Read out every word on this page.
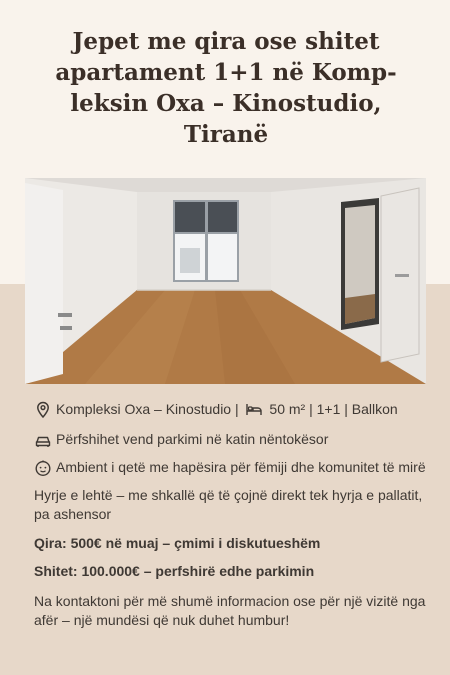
Jepet me qira ose shitet apartament 1+1 në Komp- leksin Oxa – Kinostudio, Tiranë
Kompleksi Oxa – Kinostudio | 50 m² | 1+1 | Ballkon
Përfshihet vend parkimi në katin nëntokësor
Ambient i qetë me hapësira për fëmiji dhe komunitet të mirë

Hyrje e lehtë – me shkallë që të çojnë direkt tek hyrja e pallatit, pa ashensor

Qira: 500€ në muaj – çmimi i diskutueshëm

Shitet: 100.000€ – perfshirë edhe parkimin

Na kontaktoni për më shumë informacion ose për një vizitë nga afër – një mundësi që nuk duhet humbur!
